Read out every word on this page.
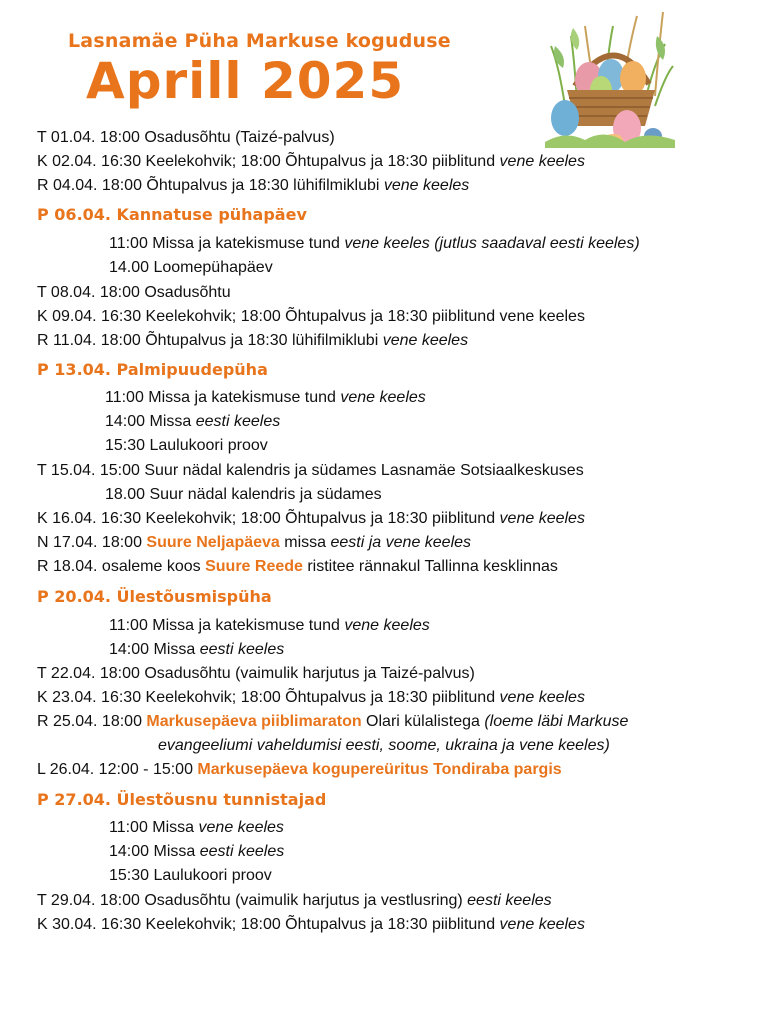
Lasnamäe Püha Markuse koguduse
Aprill 2025
T 01.04. 18:00 Osadusõhtu (Taizé-palvus)
K 02.04. 16:30 Keelekohvik; 18:00 Õhtupalvus ja 18:30 piiblitund vene keeles
R 04.04. 18:00 Õhtupalvus ja 18:30 lühifilmiklubi vene keeles
P 06.04. Kannatuse pühapäev
11:00 Missa ja katekismuse tund vene keeles (jutlus saadaval eesti keeles)
14.00 Loomepühapäev
T 08.04. 18:00 Osadusõhtu
K 09.04. 16:30 Keelekohvik; 18:00 Õhtupalvus ja 18:30 piiblitund vene keeles
R 11.04. 18:00 Õhtupalvus ja 18:30 lühifilmiklubi vene keeles
P 13.04. Palmipuudepüha
11:00 Missa ja katekismuse tund vene keeles
14:00 Missa eesti keeles
15:30 Laulukoori proov
T 15.04. 15:00 Suur nädal kalendris ja südames Lasnamäe Sotsiaalkeskuses
18.00 Suur nädal kalendris ja südames
K 16.04. 16:30 Keelekohvik; 18:00 Õhtupalvus ja 18:30 piiblitund vene keeles
N 17.04. 18:00 Suure Neljapäeva missa eesti ja vene keeles
R 18.04. osaleme koos Suure Reede ristitee rännakul Tallinna kesklinnas
P 20.04. Ülestõusmispüha
11:00 Missa ja katekismuse tund vene keeles
14:00 Missa eesti keeles
T 22.04. 18:00 Osadusõhtu (vaimulik harjutus ja Taizé-palvus)
K 23.04. 16:30 Keelekohvik; 18:00 Õhtupalvus ja 18:30 piiblitund vene keeles
R 25.04. 18:00 Markusepäeva piiblimaraton Olari külalistega (loeme läbi Markuse
evangeeliumi vaheldumisi eesti, soome, ukraina ja vene keeles)
L 26.04. 12:00 - 15:00 Markusepäeva kogupereüritus Tondiraba pargis
P 27.04. Ülestõusnu tunnistajad
11:00 Missa vene keeles
14:00 Missa eesti keeles
15:30 Laulukoori proov
T 29.04. 18:00 Osadusõhtu (vaimulik harjutus ja vestlusring) eesti keeles
K 30.04. 16:30 Keelekohvik; 18:00 Õhtupalvus ja 18:30 piiblitund vene keeles
